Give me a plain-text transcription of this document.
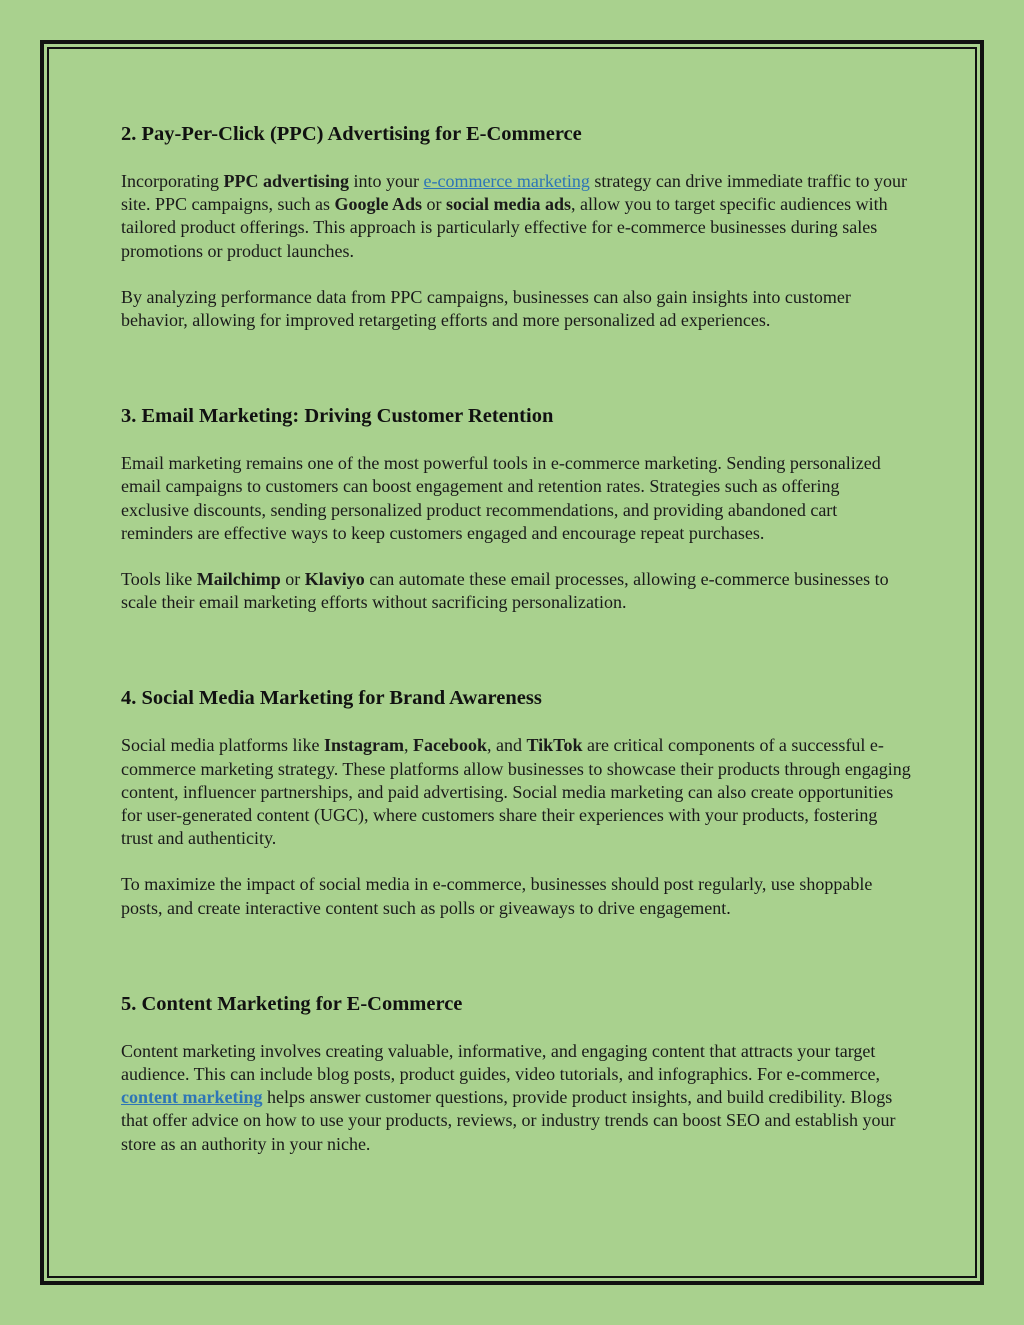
2. Pay-Per-Click (PPC) Advertising for E-Commerce

Incorporating PPC advertising into your e-commerce marketing strategy can drive immediate traffic to your site. PPC campaigns, such as Google Ads or social media ads, allow you to target specific audiences with tailored product offerings. This approach is particularly effective for e-commerce businesses during sales promotions or product launches.

By analyzing performance data from PPC campaigns, businesses can also gain insights into customer behavior, allowing for improved retargeting efforts and more personalized ad experiences.

3. Email Marketing: Driving Customer Retention

Email marketing remains one of the most powerful tools in e-commerce marketing. Sending personalized email campaigns to customers can boost engagement and retention rates. Strategies such as offering exclusive discounts, sending personalized product recommendations, and providing abandoned cart reminders are effective ways to keep customers engaged and encourage repeat purchases.

Tools like Mailchimp or Klaviyo can automate these email processes, allowing e-commerce businesses to scale their email marketing efforts without sacrificing personalization.

4. Social Media Marketing for Brand Awareness

Social media platforms like Instagram, Facebook, and TikTok are critical components of a successful e-commerce marketing strategy. These platforms allow businesses to showcase their products through engaging content, influencer partnerships, and paid advertising. Social media marketing can also create opportunities for user-generated content (UGC), where customers share their experiences with your products, fostering trust and authenticity.

To maximize the impact of social media in e-commerce, businesses should post regularly, use shoppable posts, and create interactive content such as polls or giveaways to drive engagement.

5. Content Marketing for E-Commerce

Content marketing involves creating valuable, informative, and engaging content that attracts your target audience. This can include blog posts, product guides, video tutorials, and infographics. For e-commerce, content marketing helps answer customer questions, provide product insights, and build credibility. Blogs that offer advice on how to use your products, reviews, or industry trends can boost SEO and establish your store as an authority in your niche.
